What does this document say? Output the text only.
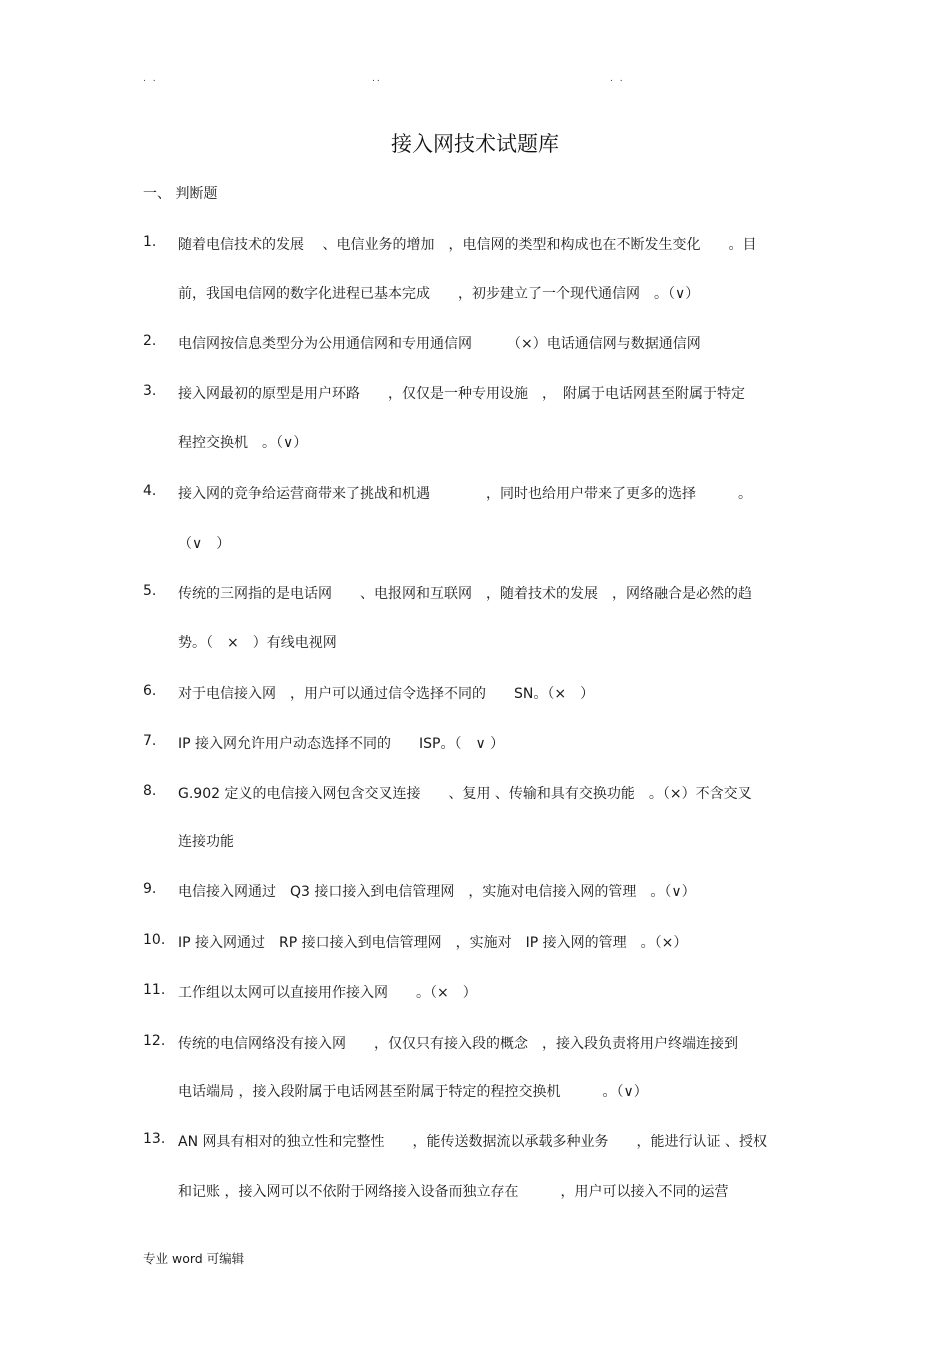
. .	..	. .
接入网技术试题库
一、 判断题
1. 随着电信技术的发展　 、电信业务的增加　，电信网的类型和构成也在不断发生变化　　。目
前，我国电信网的数字化进程已基本完成　　，初步建立了一个现代通信网　。（∨）
2. 电信网按信息类型分为公用通信网和专用通信网　　　（×）电话通信网与数据通信网
3. 接入网最初的原型是用户环路　　，仅仅是一种专用设施　，　附属于电话网甚至附属于特定
程控交换机　。（∨）
4. 接入网的竞争给运营商带来了挑战和机遇　　　　，同时也给用户带来了更多的选择　　　。
（∨　）
5. 传统的三网指的是电话网　　、电报网和互联网　，随着技术的发展　，网络融合是必然的趋
势。（　×　）有线电视网
6. 对于电信接入网　，用户可以通过信令选择不同的　　SN。（×　）
7. IP 接入网允许用户动态选择不同的　　ISP。（　∨ ）
8. G.902 定义的电信接入网包含交叉连接　　、复用 、传输和具有交换功能　。（×）不含交叉
连接功能
9. 电信接入网通过　Q3 接口接入到电信管理网　，实施对电信接入网的管理　。（∨）
10. IP 接入网通过　RP 接口接入到电信管理网　，实施对　IP 接入网的管理　。（×）
11. 工作组以太网可以直接用作接入网　　。（×　）
12. 传统的电信网络没有接入网　　，仅仅只有接入段的概念　，接入段负责将用户终端连接到
电话端局 ，接入段附属于电话网甚至附属于特定的程控交换机　　　。（∨）
13. AN 网具有相对的独立性和完整性　　，能传送数据流以承载多种业务　　，能进行认证 、授权
和记账 ，接入网可以不依附于网络接入设备而独立存在　　　，用户可以接入不同的运营
专业 word 可编辑
